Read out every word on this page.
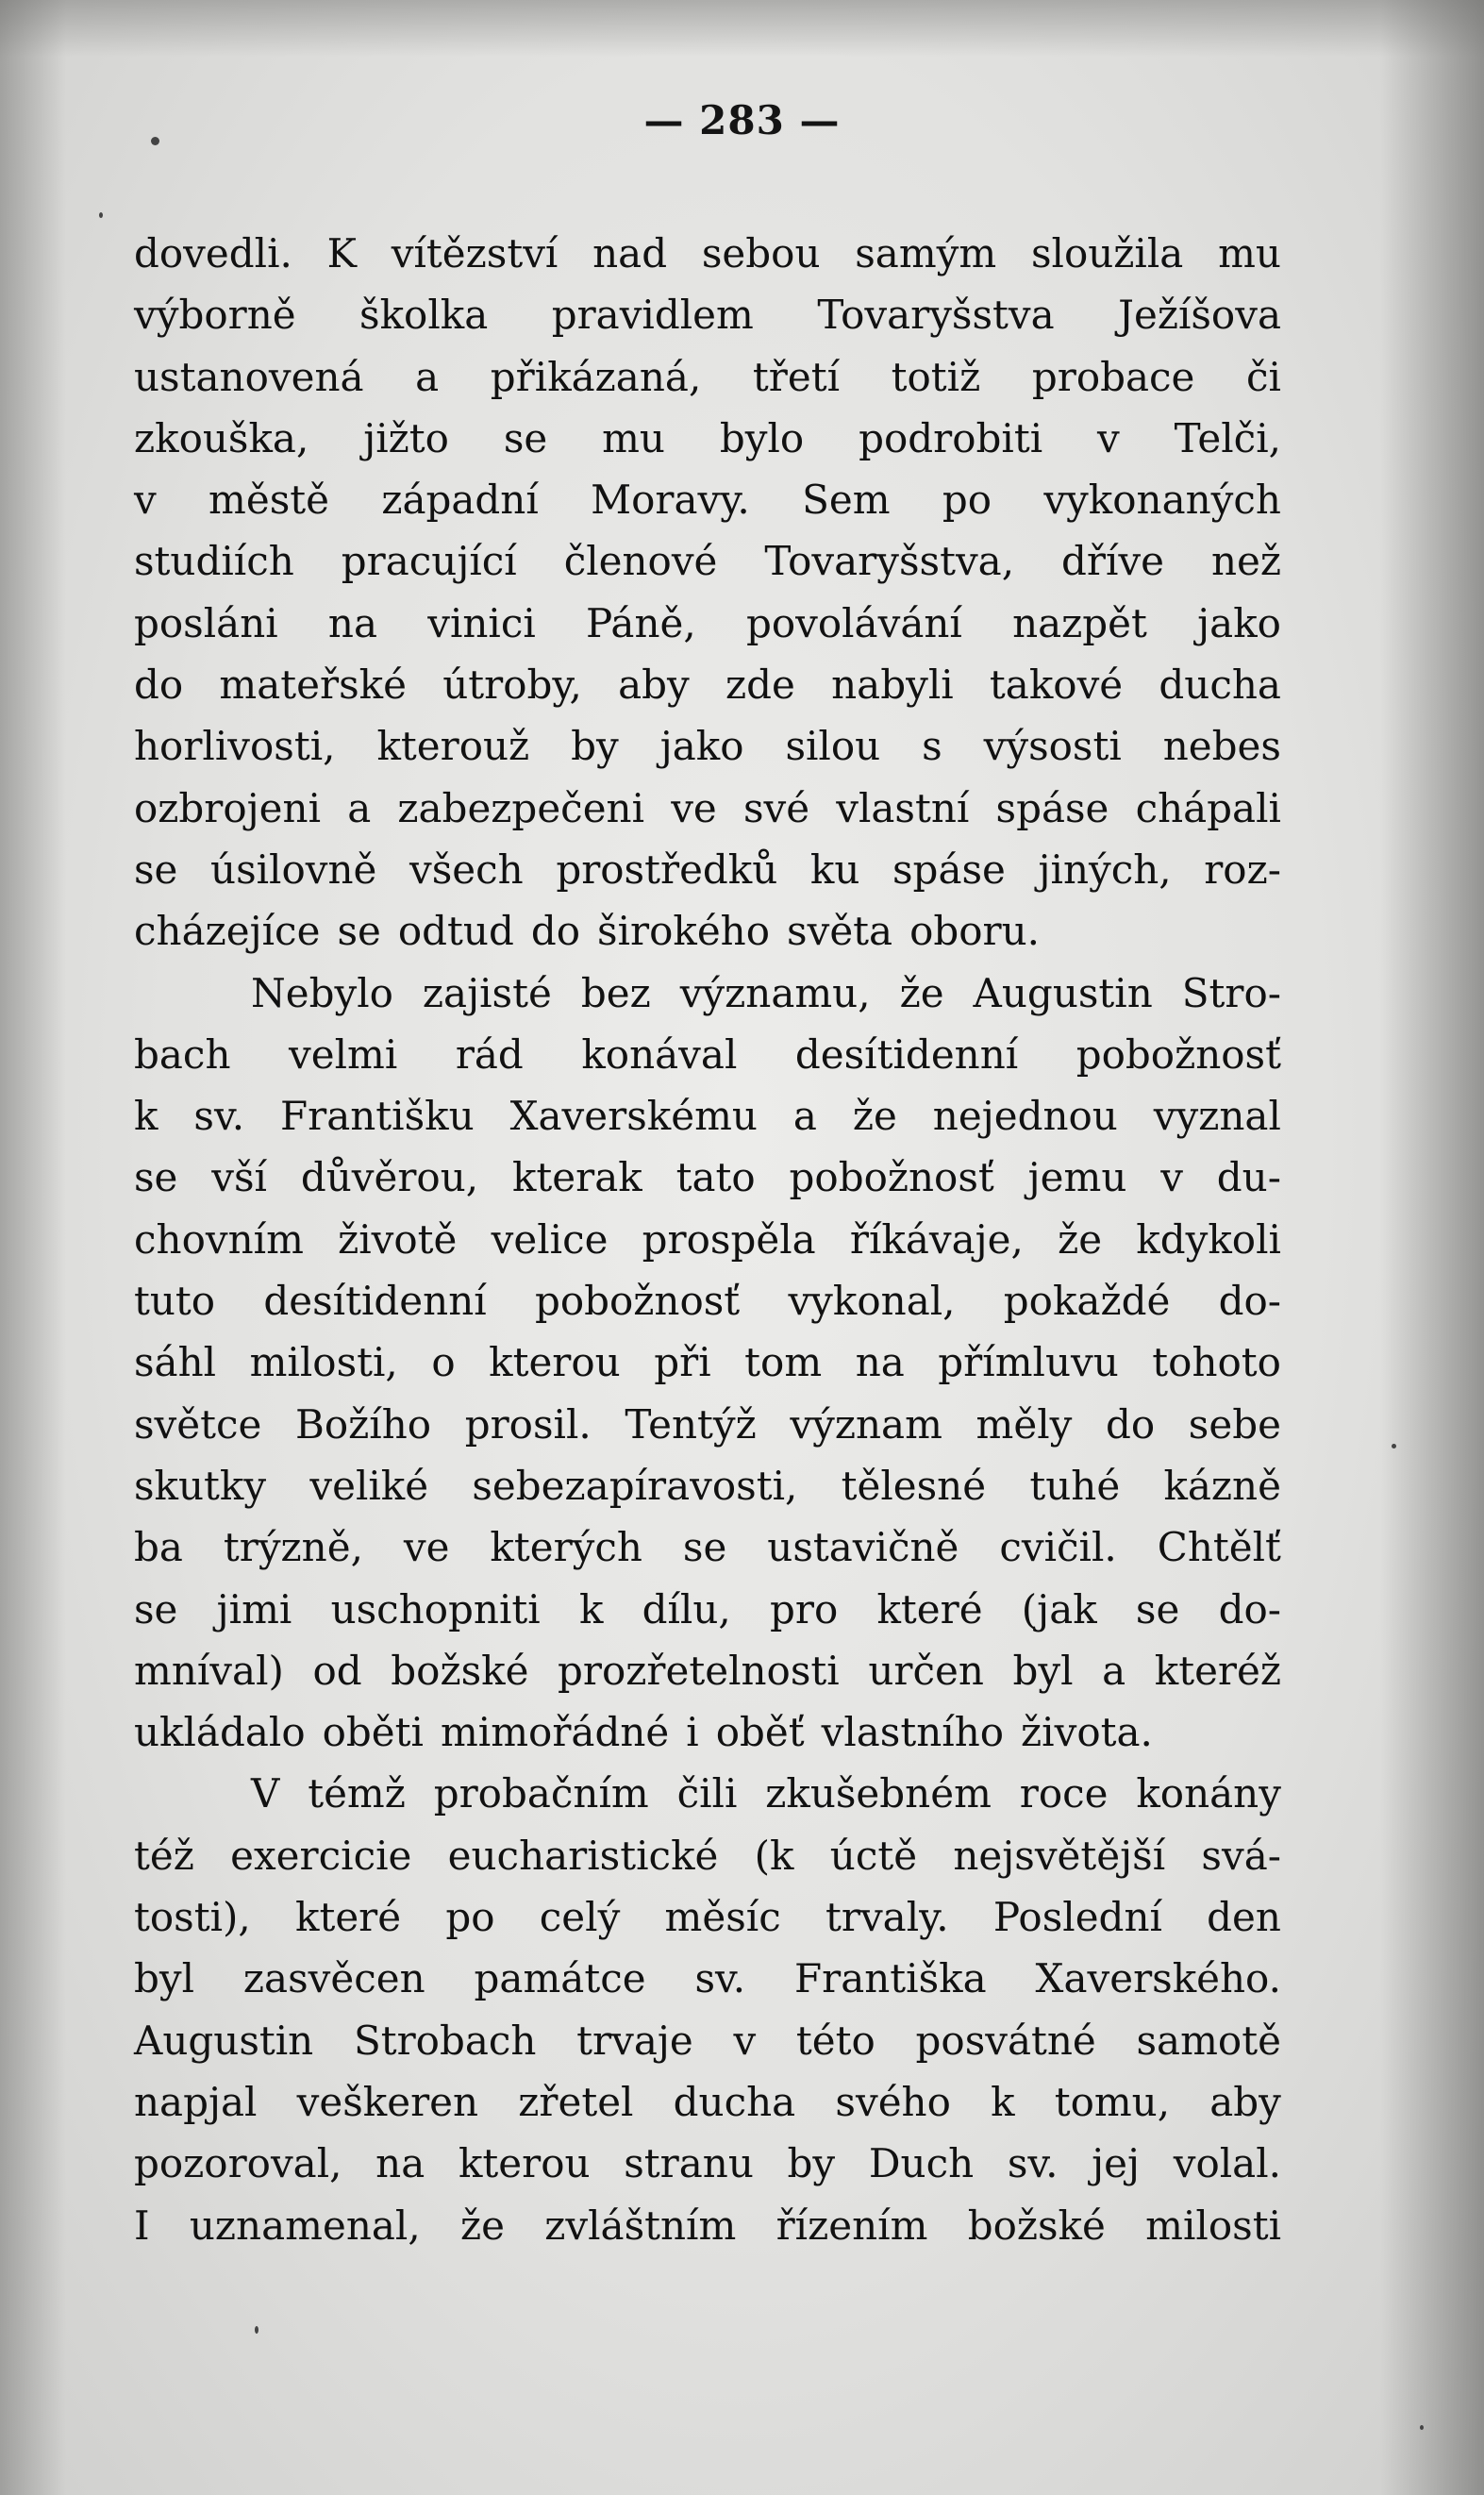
— 283 —
dovedli. K vítězství nad sebou samým sloužila mu
výborně školka pravidlem Tovaryšstva Ježíšova
ustanovená a přikázaná, třetí totiž probace či
zkouška, jižto se mu bylo podrobiti v Telči,
v městě západní Moravy. Sem po vykonaných
studiích pracující členové Tovaryšstva, dříve než
posláni na vinici Páně, povolávání nazpět jako
do mateřské útroby, aby zde nabyli takové ducha
horlivosti, kterouž by jako silou s výsosti nebes
ozbrojeni a zabezpečeni ve své vlastní spáse chápali
se úsilovně všech prostředků ku spáse jiných, roz-
cházejíce se odtud do širokého světa oboru.
Nebylo zajisté bez významu, že Augustin Stro-
bach velmi rád konával desítidenní pobožnosť
k sv. Františku Xaverskému a že nejednou vyznal
se vší důvěrou, kterak tato pobožnosť jemu v du-
chovním životě velice prospěla říkávaje, že kdykoli
tuto desítidenní pobožnosť vykonal, pokaždé do-
sáhl milosti, o kterou při tom na přímluvu tohoto
světce Božího prosil. Tentýž význam měly do sebe
skutky veliké sebezapíravosti, tělesné tuhé kázně
ba trýzně, ve kterých se ustavičně cvičil. Chtělť
se jimi uschopniti k dílu, pro které (jak se do-
mníval) od božské prozřetelnosti určen byl a kteréž
ukládalo oběti mimořádné i oběť vlastního života.
V témž probačním čili zkušebném roce konány
též exercicie eucharistické (k úctě nejsvětější svá-
tosti), které po celý měsíc trvaly. Poslední den
byl zasvěcen památce sv. Františka Xaverského.
Augustin Strobach trvaje v této posvátné samotě
napjal veškeren zřetel ducha svého k tomu, aby
pozoroval, na kterou stranu by Duch sv. jej volal.
I uznamenal, že zvláštním řízením božské milosti
